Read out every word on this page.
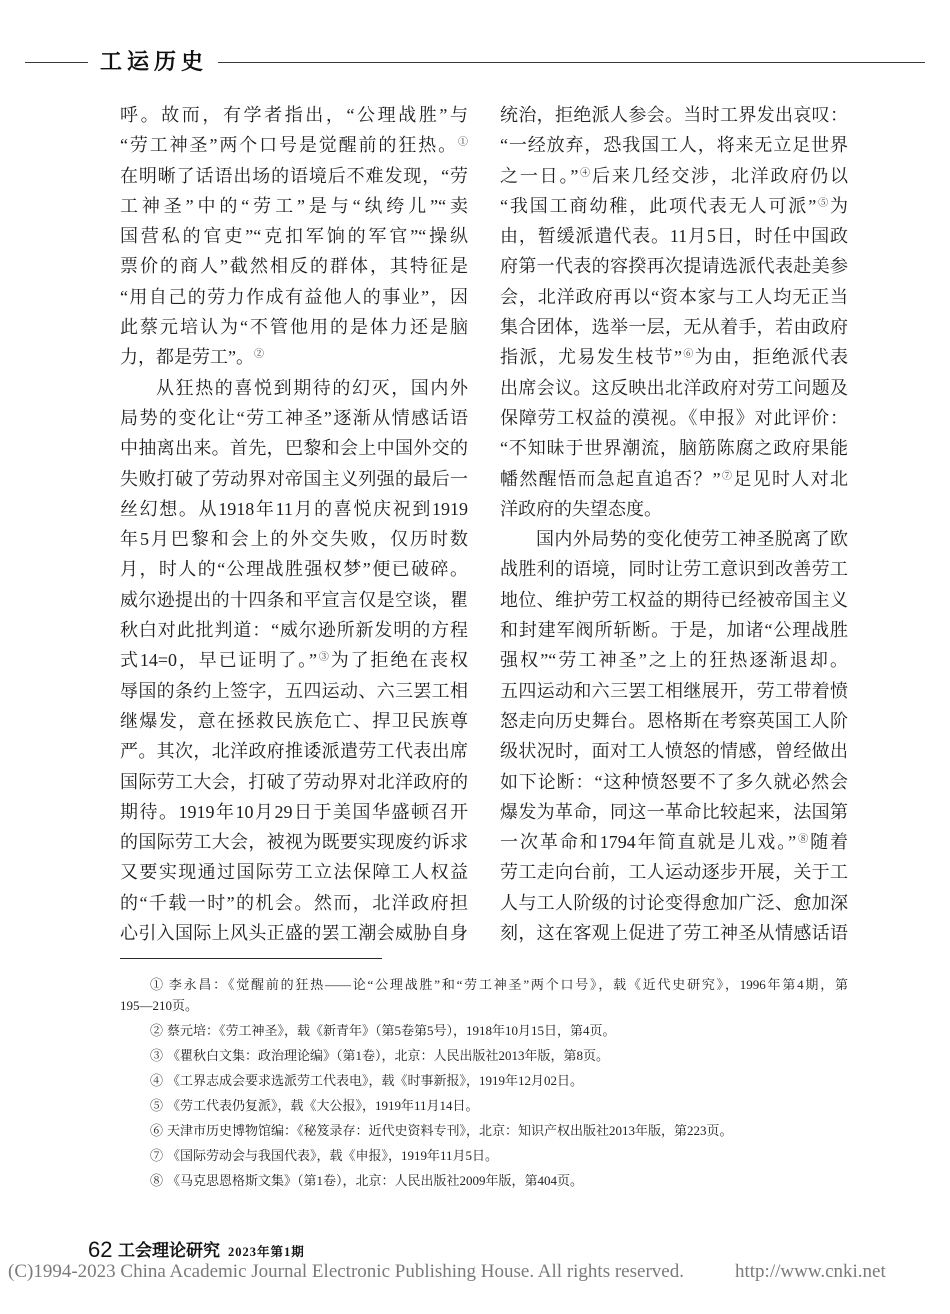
工运历史
呼。故而，有学者指出，“公理战胜”与
“劳工神圣”两个口号是觉醒前的狂热。①
在明晰了话语出场的语境后不难发现，“劳
工神圣”中的“劳工”是与“纨绔儿”“卖
国营私的官吏”“克扣军饷的军官”“操纵
票价的商人”截然相反的群体，其特征是
“用自己的劳力作成有益他人的事业”，因
此蔡元培认为“不管他用的是体力还是脑
力，都是劳工”。②
从狂热的喜悦到期待的幻灭，国内外
局势的变化让“劳工神圣”逐渐从情感话语
中抽离出来。首先，巴黎和会上中国外交的
失败打破了劳动界对帝国主义列强的最后一
丝幻想。从1918年11月的喜悦庆祝到1919
年5月巴黎和会上的外交失败，仅历时数
月，时人的“公理战胜强权梦”便已破碎。
威尔逊提出的十四条和平宣言仅是空谈，瞿
秋白对此批判道：“威尔逊所新发明的方程
式14=0，早已证明了。”③为了拒绝在丧权
辱国的条约上签字，五四运动、六三罢工相
继爆发，意在拯救民族危亡、捍卫民族尊
严。其次，北洋政府推诿派遣劳工代表出席
国际劳工大会，打破了劳动界对北洋政府的
期待。1919年10月29日于美国华盛顿召开
的国际劳工大会，被视为既要实现废约诉求
又要实现通过国际劳工立法保障工人权益
的“千载一时”的机会。然而，北洋政府担
心引入国际上风头正盛的罢工潮会威胁自身
统治，拒绝派人参会。当时工界发出哀叹：
“一经放弃，恐我国工人，将来无立足世界
之一日。”④后来几经交涉，北洋政府仍以
“我国工商幼稚，此项代表无人可派”⑤为
由，暂缓派遣代表。11月5日，时任中国政
府第一代表的容揆再次提请选派代表赴美参
会，北洋政府再以“资本家与工人均无正当
集合团体，选举一层，无从着手，若由政府
指派，尤易发生枝节”⑥为由，拒绝派代表
出席会议。这反映出北洋政府对劳工问题及
保障劳工权益的漠视。《申报》对此评价：
“不知昧于世界潮流，脑筋陈腐之政府果能
幡然醒悟而急起直追否？”⑦足见时人对北
洋政府的失望态度。
国内外局势的变化使劳工神圣脱离了欧
战胜利的语境，同时让劳工意识到改善劳工
地位、维护劳工权益的期待已经被帝国主义
和封建军阀所斩断。于是，加诸“公理战胜
强权”“劳工神圣”之上的狂热逐渐退却。
五四运动和六三罢工相继展开，劳工带着愤
怒走向历史舞台。恩格斯在考察英国工人阶
级状况时，面对工人愤怒的情感，曾经做出
如下论断：“这种愤怒要不了多久就必然会
爆发为革命，同这一革命比较起来，法国第
一次革命和1794年简直就是儿戏。”⑧随着
劳工走向台前，工人运动逐步开展，关于工
人与工人阶级的讨论变得愈加广泛、愈加深
刻，这在客观上促进了劳工神圣从情感话语
① 李永昌：《觉醒前的狂热——论“公理战胜”和“劳工神圣”两个口号》，载《近代史研究》，1996年第4期，第
195—210页。
② 蔡元培：《劳工神圣》，载《新青年》（第5卷第5号），1918年10月15日，第4页。
③ 《瞿秋白文集：政治理论编》（第1卷），北京：人民出版社2013年版，第8页。
④ 《工界志成会要求选派劳工代表电》，载《时事新报》，1919年12月02日。
⑤ 《劳工代表仍复派》，载《大公报》，1919年11月14日。
⑥ 天津市历史博物馆编：《秘笈录存：近代史资料专刊》，北京：知识产权出版社2013年版，第223页。
⑦ 《国际劳动会与我国代表》，载《申报》，1919年11月5日。
⑧ 《马克思恩格斯文集》（第1卷），北京：人民出版社2009年版，第404页。
62 工会理论研究 2023年第1期
(C)1994-2023 China Academic Journal Electronic Publishing House. All rights reserved.	http://www.cnki.net
